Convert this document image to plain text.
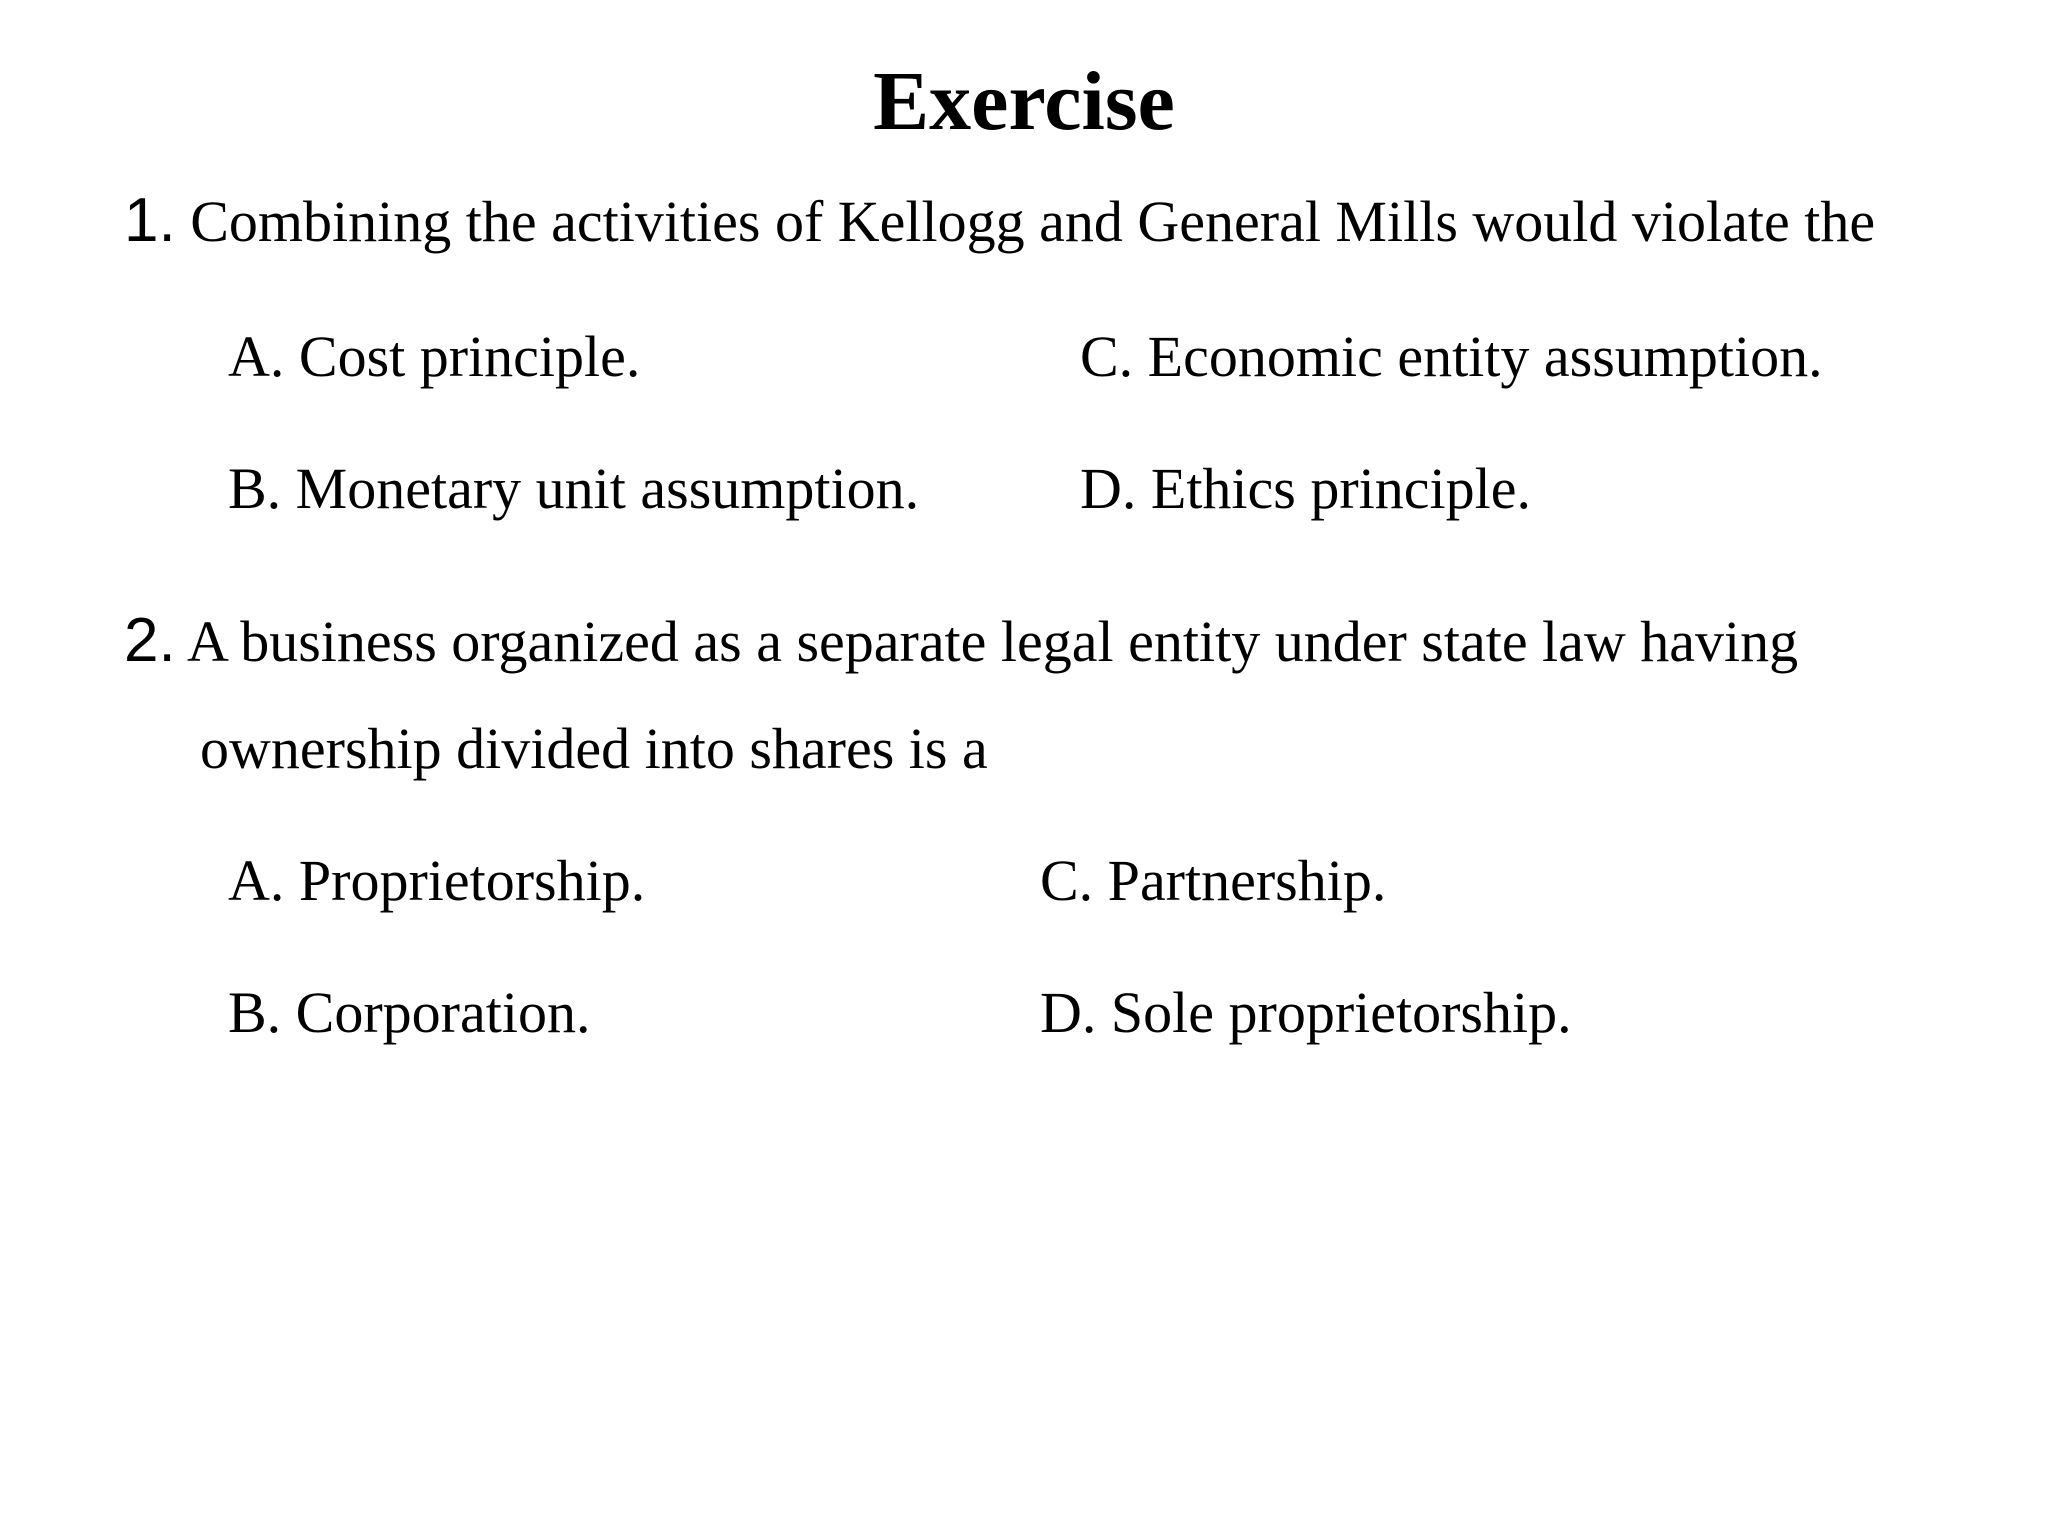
Exercise
1. Combining the activities of Kellogg and General Mills would violate the
A. Cost principle.	C. Economic entity assumption.
B. Monetary unit assumption.	D. Ethics principle.
2. A business organized as a separate legal entity under state law having
ownership divided into shares is a
A. Proprietorship.	C. Partnership.
B. Corporation.	D. Sole proprietorship.
